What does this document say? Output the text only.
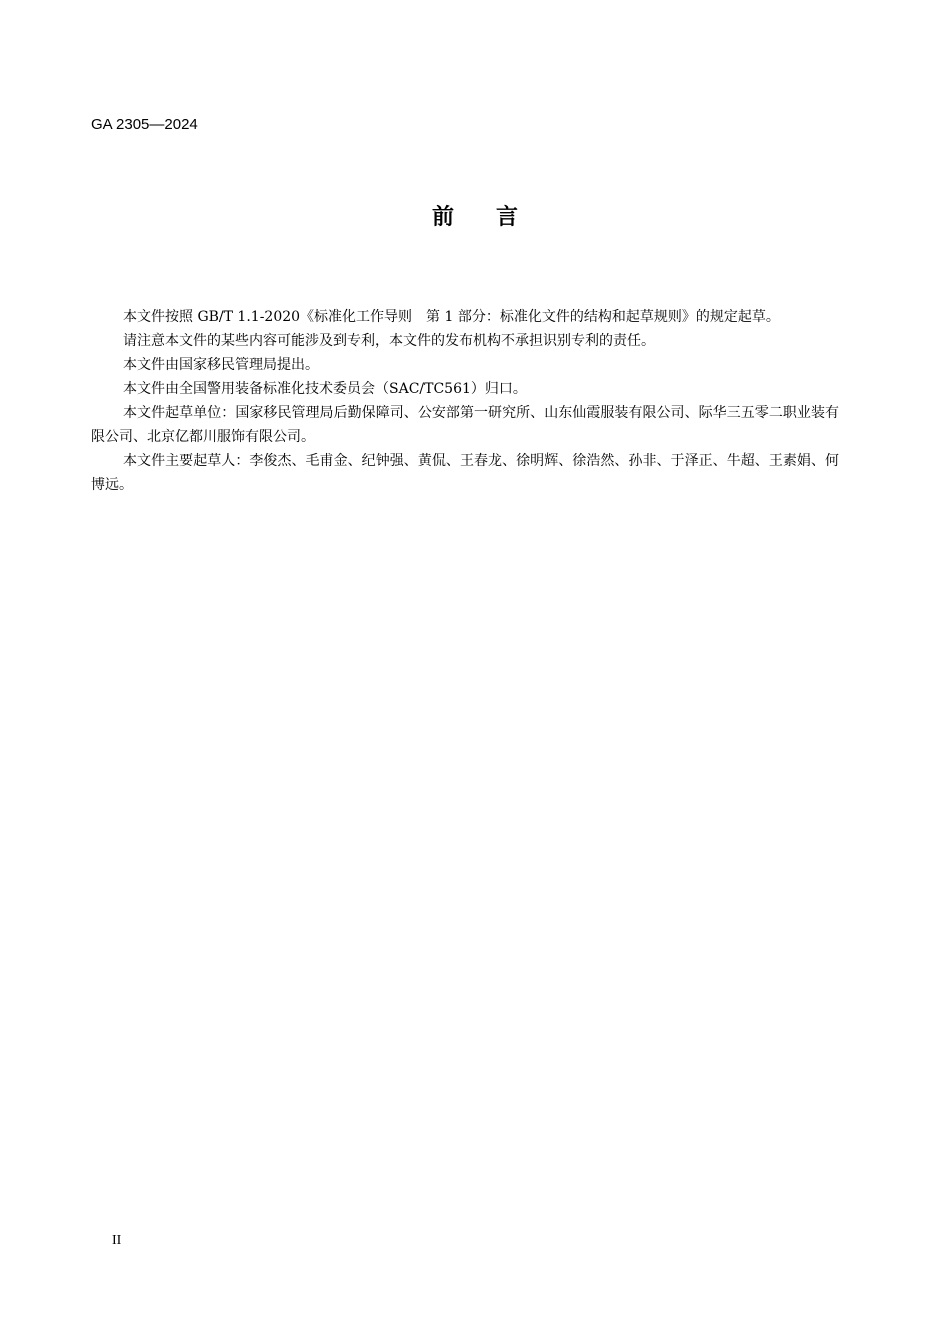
GA 2305—2024
前言

本文件按照 GB/T 1.1-2020《标准化工作导则　第 1 部分：标准化文件的结构和起草规则》的规定起草。

请注意本文件的某些内容可能涉及到专利，本文件的发布机构不承担识别专利的责任。

本文件由国家移民管理局提出。

本文件由全国警用装备标准化技术委员会（SAC/TC561）归口。

本文件起草单位：国家移民管理局后勤保障司、公安部第一研究所、山东仙霞服装有限公司、际华三五零二职业装有限公司、北京亿都川服饰有限公司。

本文件主要起草人：李俊杰、毛甫金、纪钟强、黄侃、王春龙、徐明辉、徐浩然、孙非、于泽正、牛超、王素娟、何博远。

II
